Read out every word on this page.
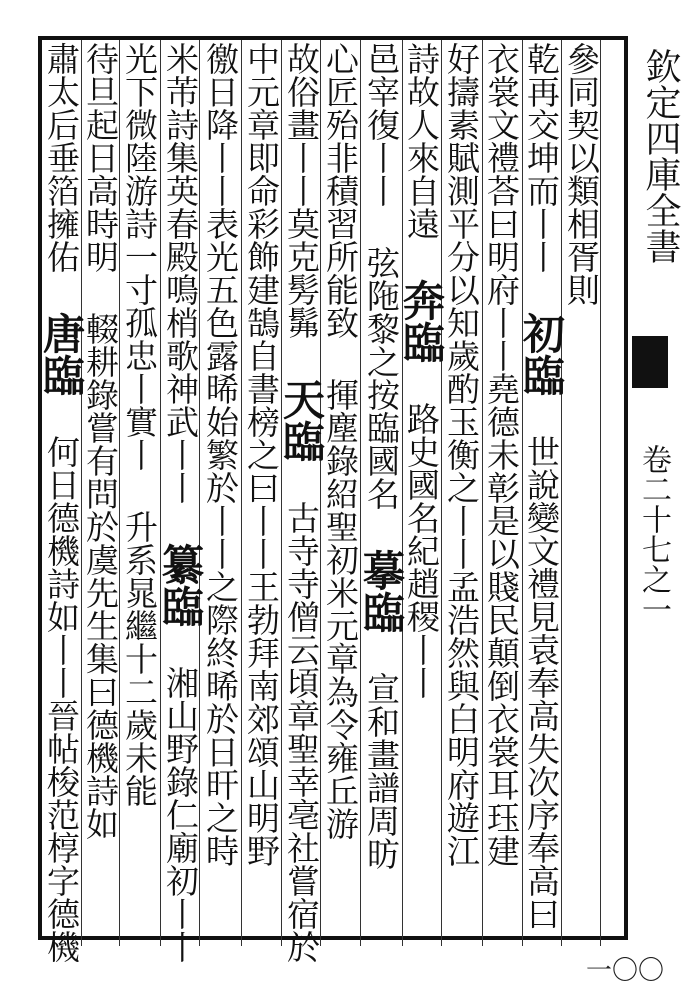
參同契以類相胥則
乾再交坤而丨丨 初臨 世說變文禮見袁奉高失次序奉高曰
衣裳文禮荅曰明府丨丨堯德未彰是以賤民顛倒衣裳耳珏建
好擣素賦測平分以知歲酌玉衡之丨丨孟浩然與白明府遊江
詩故人來自遠 奔臨 路史國名紀趙稷丨丨
邑宰復丨丨 弦陁黎之按臨國名 摹臨 宣和畫譜周昉
心匠殆非積習所能致 揮塵錄紹聖初米元章為令雍丘游
故俗畫丨丨莫克髣髴 天臨 古寺寺僧云頃章聖幸亳社嘗宿於
中元章即命彩飾建鵠自書榜之曰丨丨王勃拜南郊頌山明野
徼日降丨丨表光五色露晞始繁於丨丨之際終晞於日旰之時
米芾詩集英春殿鳴梢歌神武丨丨 纂臨 湘山野錄仁廟初丨丨
光下微陸游詩一寸孤忠丨實丨 升系晁繼十二歲未能
待旦起日高時明 輟耕錄嘗有問於虞先生集曰德機詩如
肅太后垂箔擁佑 唐臨 何日德機詩如丨丨晉帖梭范椁字德機
欽定四庫全書
卷二十七之一
一〇〇
